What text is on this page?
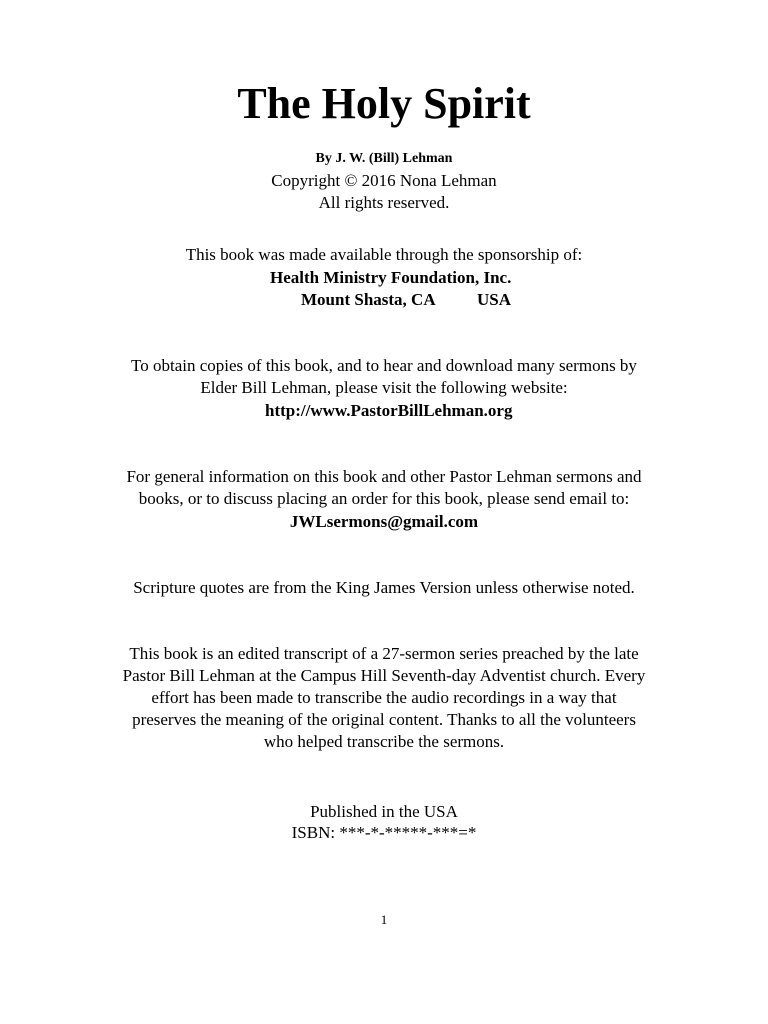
The Holy Spirit
By J. W. (Bill) Lehman
Copyright © 2016 Nona Lehman
All rights reserved.
This book was made available through the sponsorship of:
Health Ministry Foundation, Inc.
Mount Shasta, CA USA
To obtain copies of this book, and to hear and download many sermons by
Elder Bill Lehman, please visit the following website:
http://www.PastorBillLehman.org
For general information on this book and other Pastor Lehman sermons and
books, or to discuss placing an order for this book, please send email to:
JWLsermons@gmail.com
Scripture quotes are from the King James Version unless otherwise noted.
This book is an edited transcript of a 27-sermon series preached by the late
Pastor Bill Lehman at the Campus Hill Seventh-day Adventist church. Every
effort has been made to transcribe the audio recordings in a way that
preserves the meaning of the original content. Thanks to all the volunteers
who helped transcribe the sermons.
Published in the USA
ISBN: ***-*-*****-***=*
1
